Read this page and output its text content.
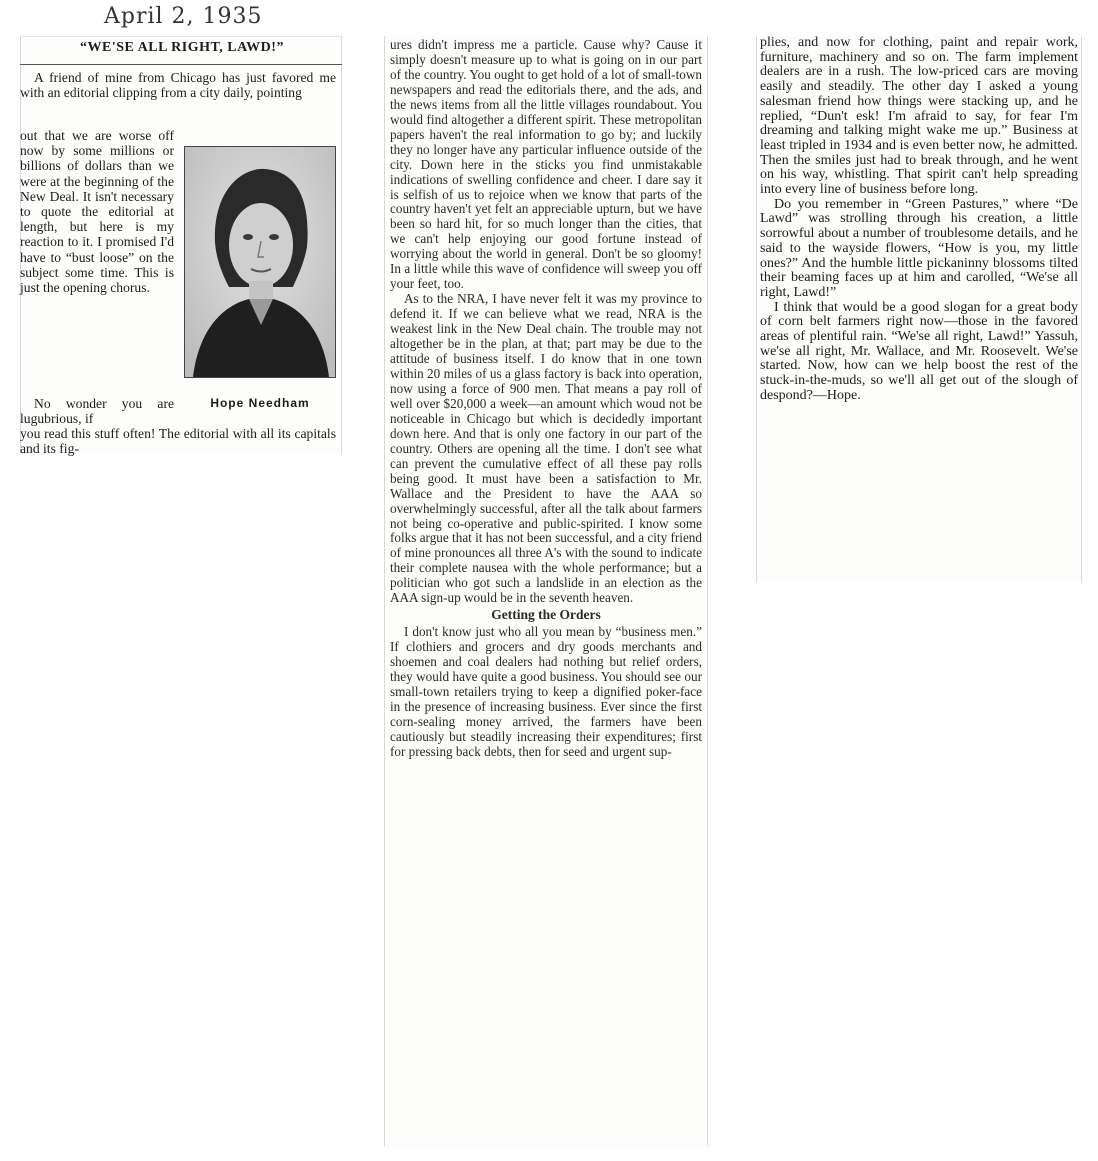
April 2, 1935
“WE'SE ALL RIGHT, LAWD!”

A friend of mine from Chicago has just favored me with an editorial clipping from a city daily, pointing

out that we are worse off now by some millions or billions of dollars than we were at the beginning of the New Deal. It isn't necessary to quote the editorial at length, but here is my reaction to it. I promised I'd have to “bust loose” on the subject some time. This is just the opening chorus.
Hope Needham
No wonder you are lugubrious, if

you read this stuff often! The editorial with all its capitals and its fig-

ures didn't impress me a particle. Cause why? Cause it simply doesn't measure up to what is going on in our part of the country. You ought to get hold of a lot of small-town newspapers and read the editorials there, and the ads, and the news items from all the little villages roundabout. You would find altogether a different spirit. These metropolitan papers haven't the real information to go by; and luckily they no longer have any particular influence outside of the city. Down here in the sticks you find unmistakable indications of swelling confidence and cheer. I dare say it is selfish of us to rejoice when we know that parts of the country haven't yet felt an appreciable upturn, but we have been so hard hit, for so much longer than the cities, that we can't help enjoying our good fortune instead of worrying about the world in general. Don't be so gloomy! In a little while this wave of confidence will sweep you off your feet, too.

As to the NRA, I have never felt it was my province to defend it. If we can believe what we read, NRA is the weakest link in the New Deal chain. The trouble may not altogether be in the plan, at that; part may be due to the attitude of business itself. I do know that in one town within 20 miles of us a glass factory is back into operation, now using a force of 900 men. That means a pay roll of well over $20,000 a week—an amount which woud not be noticeable in Chicago but which is decidedly important down here. And that is only one factory in our part of the country. Others are opening all the time. I don't see what can prevent the cumulative effect of all these pay rolls being good. It must have been a satisfaction to Mr. Wallace and the President to have the AAA so overwhelmingly successful, after all the talk about farmers not being co-operative and public-spirited. I know some folks argue that it has not been successful, and a city friend of mine pronounces all three A's with the sound to indicate their complete nausea with the whole performance; but a politician who got such a landslide in an election as the AAA sign-up would be in the seventh heaven.

Getting the Orders

I don't know just who all you mean by “business men.” If clothiers and grocers and dry goods merchants and shoemen and coal dealers had nothing but relief orders, they would have quite a good business. You should see our small-town retailers trying to keep a dignified poker-face in the presence of increasing business. Ever since the first corn-sealing money arrived, the farmers have been cautiously but steadily increasing their expenditures; first for pressing back debts, then for seed and urgent sup-

plies, and now for clothing, paint and repair work, furniture, machinery and so on. The farm implement dealers are in a rush. The low-priced cars are moving easily and steadily. The other day I asked a young salesman friend how things were stacking up, and he replied, “Dun't esk! I'm afraid to say, for fear I'm dreaming and talking might wake me up.” Business at least tripled in 1934 and is even better now, he admitted. Then the smiles just had to break through, and he went on his way, whistling. That spirit can't help spreading into every line of business before long.

Do you remember in “Green Pastures,” where “De Lawd” was strolling through his creation, a little sorrowful about a number of troublesome details, and he said to the wayside flowers, “How is you, my little ones?” And the humble little pickaninny blossoms tilted their beaming faces up at him and carolled, “We'se all right, Lawd!”

I think that would be a good slogan for a great body of corn belt farmers right now—those in the favored areas of plentiful rain. “We'se all right, Lawd!” Yassuh, we'se all right, Mr. Wallace, and Mr. Roosevelt. We'se started. Now, how can we help boost the rest of the stuck-in-the-muds, so we'll all get out of the slough of despond?—Hope.
